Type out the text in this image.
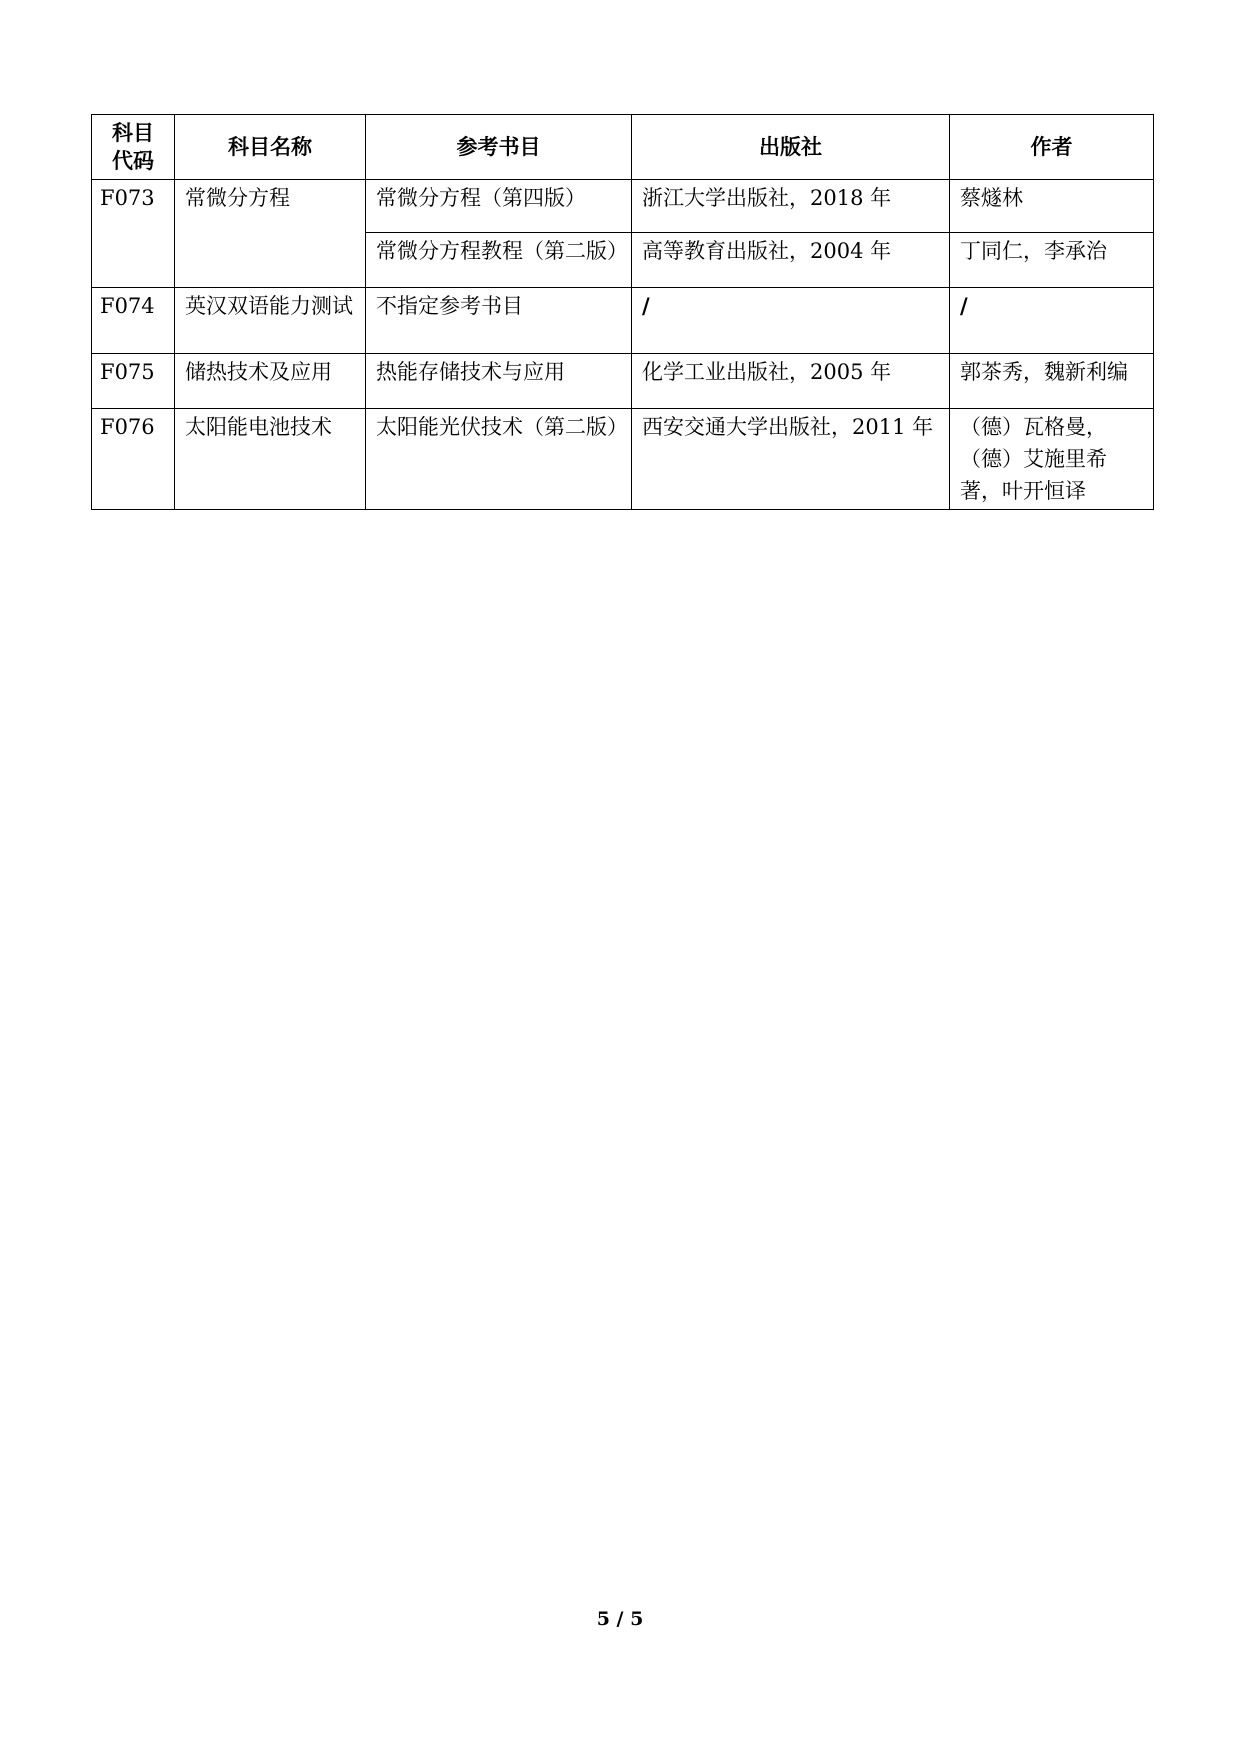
科目
代码	科目名称	参考书目	出版社	作者
F073	常微分方程	常微分方程（第四版）	浙江大学出版社，2018 年	蔡燧林
		常微分方程教程（第二版）	高等教育出版社，2004 年	丁同仁，李承治
F074	英汉双语能力测试	不指定参考书目	/	/
F075	储热技术及应用	热能存储技术与应用	化学工业出版社，2005 年	郭茶秀，魏新利编
F076	太阳能电池技术	太阳能光伏技术（第二版）	西安交通大学出版社，2011 年	（德）瓦格曼，（德）艾施里希著，叶开恒译
5 / 5
